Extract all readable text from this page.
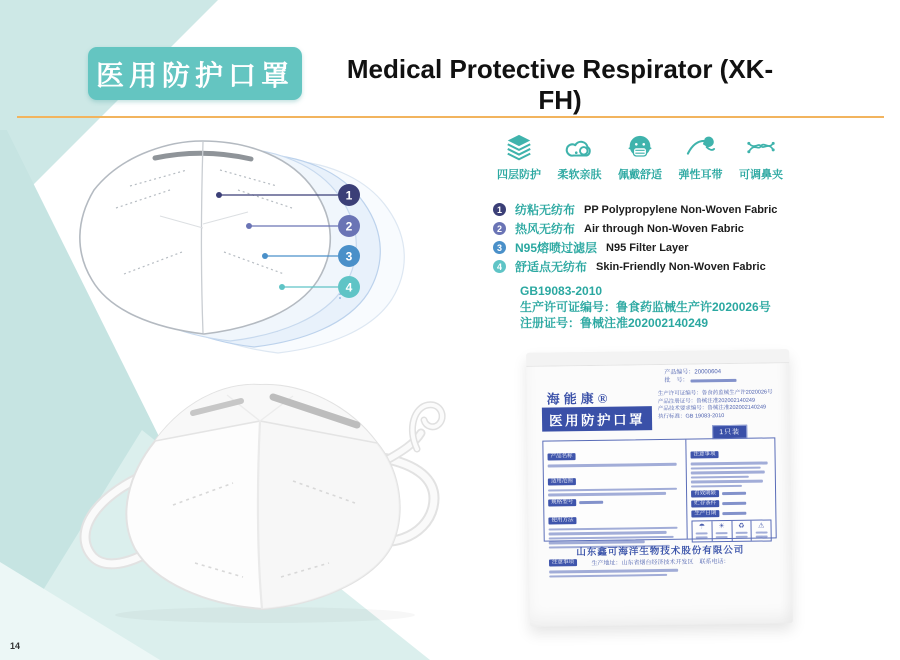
医用防护口罩	Medical Protective Respirator (XK-FH)
1
2
3
4
四层防护	柔软亲肤	佩戴舒适	弹性耳带	可调鼻夹
1	纺粘无纺布 PP Polypropylene Non-Woven Fabric
2	热风无纺布 Air through Non-Woven Fabric
3	N95熔喷过滤层 N95 Filter Layer
4	舒适点无纺布 Skin-Friendly Non-Woven Fabric
GB19083-2010
生产许可证编号：鲁食药监械生产许2020026号
注册证号：鲁械注准202002140249
产品编号：20000604
批　号：
海能康®
医用防护口罩
生产许可证编号：鲁食药监械生产许2020026号
产品注册证号：鲁械注准202002140249
产品技术要求编号：鲁械注准202002140249
执行标准：GB 19083-2010
1只装
产品名称
适用范围
规格型号
使用方法
注意事项
注意事项
有效期限
贮存条件
生产日期
☂	☀	♻	⚠
山东鑫可海洋生物技术股份有限公司
生产地址：山东省烟台经济技术开发区　联系电话：
14
